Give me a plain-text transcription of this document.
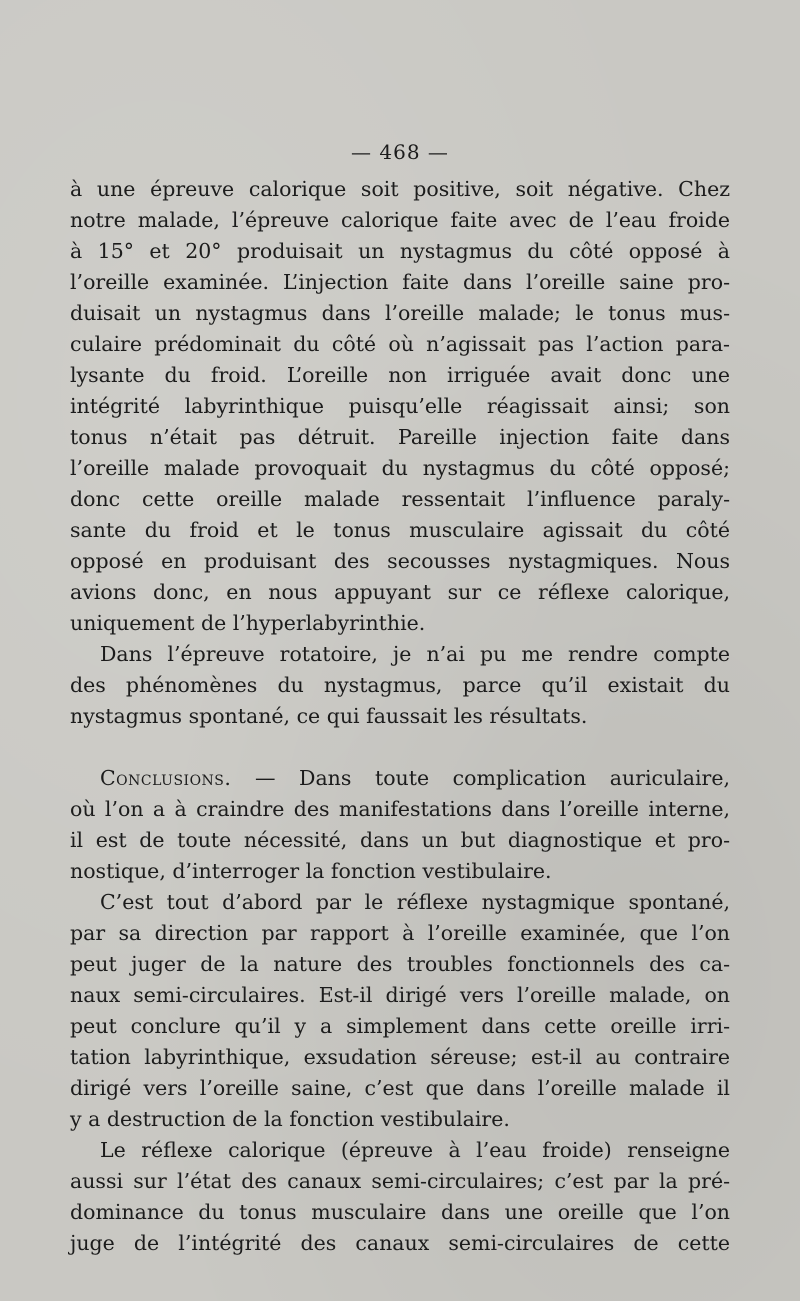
— 468 —
à une épreuve calorique soit positive, soit négative. Chez
notre malade, l’épreuve calorique faite avec de l’eau froide
à 15° et 20° produisait un nystagmus du côté opposé à
l’oreille examinée. L’injection faite dans l’oreille saine pro-
duisait un nystagmus dans l’oreille malade; le tonus mus-
culaire prédominait du côté où n’agissait pas l’action para-
lysante du froid. L’oreille non irriguée avait donc une
intégrité labyrinthique puisqu’elle réagissait ainsi; son
tonus n’était pas détruit. Pareille injection faite dans
l’oreille malade provoquait du nystagmus du côté opposé;
donc cette oreille malade ressentait l’influence paraly-
sante du froid et le tonus musculaire agissait du côté
opposé en produisant des secousses nystagmiques. Nous
avions donc, en nous appuyant sur ce réflexe calorique,
uniquement de l’hyperlabyrinthie.
Dans l’épreuve rotatoire, je n’ai pu me rendre compte
des phénomènes du nystagmus, parce qu’il existait du
nystagmus spontané, ce qui faussait les résultats.
Conclusions. — Dans toute complication auriculaire,
où l’on a à craindre des manifestations dans l’oreille interne,
il est de toute nécessité, dans un but diagnostique et pro-
nostique, d’interroger la fonction vestibulaire.
C’est tout d’abord par le réflexe nystagmique spontané,
par sa direction par rapport à l’oreille examinée, que l’on
peut juger de la nature des troubles fonctionnels des ca-
naux semi-circulaires. Est-il dirigé vers l’oreille malade, on
peut conclure qu’il y a simplement dans cette oreille irri-
tation labyrinthique, exsudation séreuse; est-il au contraire
dirigé vers l’oreille saine, c’est que dans l’oreille malade il
y a destruction de la fonction vestibulaire.
Le réflexe calorique (épreuve à l’eau froide) renseigne
aussi sur l’état des canaux semi-circulaires; c’est par la pré-
dominance du tonus musculaire dans une oreille que l’on
juge de l’intégrité des canaux semi-circulaires de cette
